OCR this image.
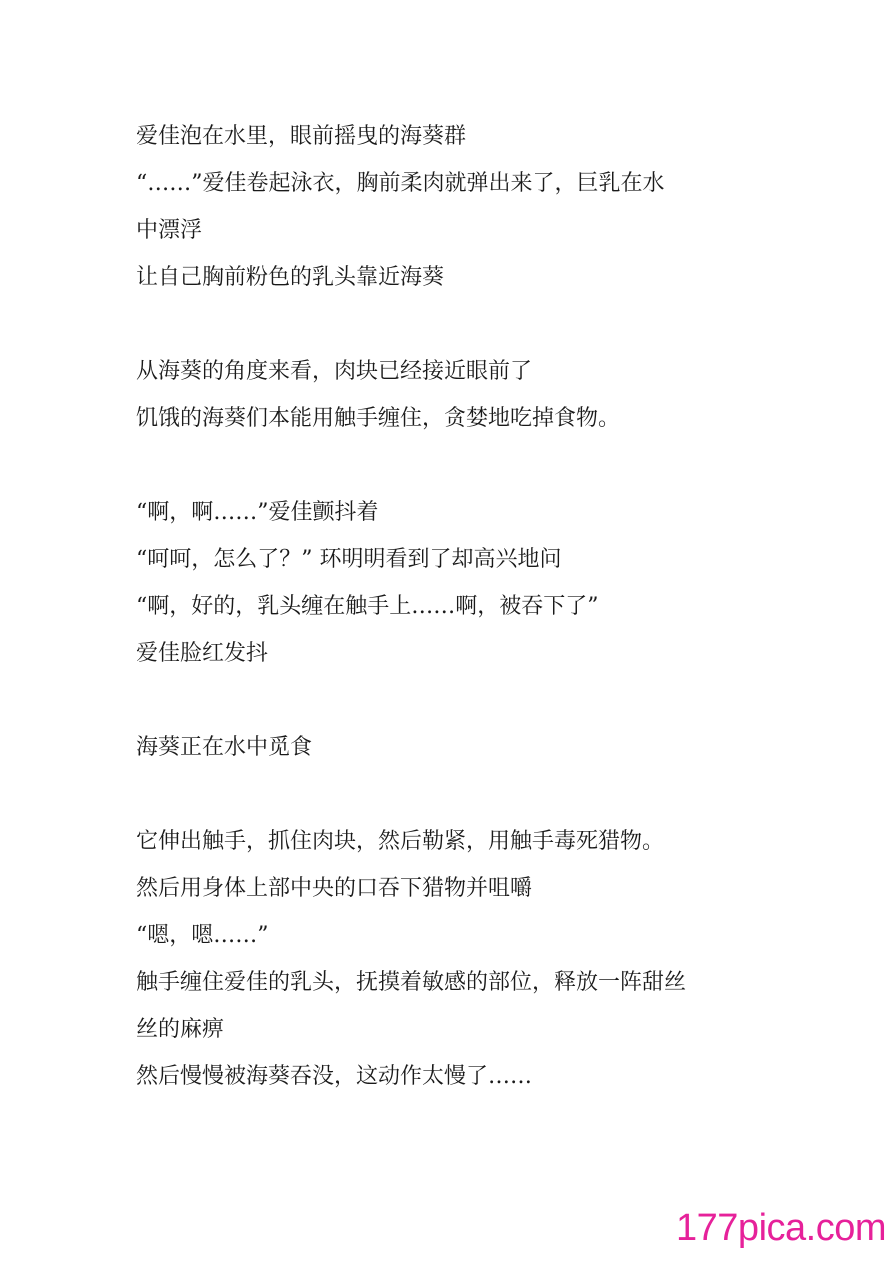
爱佳泡在水里，眼前摇曳的海葵群
“……”爱佳卷起泳衣，胸前柔肉就弹出来了，巨乳在水
中漂浮
让自己胸前粉色的乳头靠近海葵
从海葵的角度来看，肉块已经接近眼前了
饥饿的海葵们本能用触手缠住，贪婪地吃掉食物。
“啊，啊……”爱佳颤抖着
“呵呵，怎么了？” 环明明看到了却高兴地问
“啊，好的，乳头缠在触手上……啊，被吞下了”
爱佳脸红发抖
海葵正在水中觅食
它伸出触手，抓住肉块，然后勒紧，用触手毒死猎物。
然后用身体上部中央的口吞下猎物并咀嚼
“嗯，嗯……”
触手缠住爱佳的乳头，抚摸着敏感的部位，释放一阵甜丝
丝的麻痹
然后慢慢被海葵吞没，这动作太慢了……
177pica.com
